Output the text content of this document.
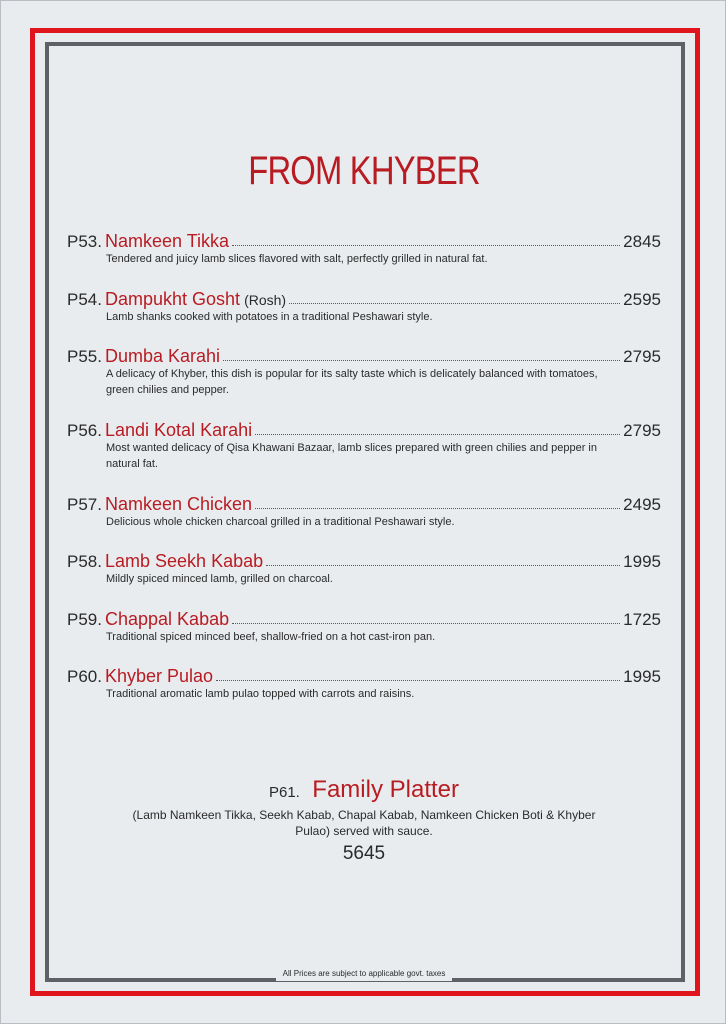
FROM KHYBER
P53. Namkeen Tikka	2845
Tendered and juicy lamb slices flavored with salt, perfectly grilled in natural fat.
P54. Dampukht Gosht (Rosh)	2595
Lamb shanks cooked with potatoes in a traditional Peshawari style.
P55. Dumba Karahi	2795
A delicacy of Khyber, this dish is popular for its salty taste which is delicately balanced with tomatoes, green chilies and pepper.
P56. Landi Kotal Karahi	2795
Most wanted delicacy of Qisa Khawani Bazaar, lamb slices prepared with green chilies and pepper in natural fat.
P57. Namkeen Chicken	2495
Delicious whole chicken charcoal grilled in a traditional Peshawari style.
P58. Lamb Seekh Kabab	1995
Mildly spiced minced lamb, grilled on charcoal.
P59. Chappal Kabab	1725
Traditional spiced minced beef, shallow-fried on a hot cast-iron pan.
P60. Khyber Pulao	1995
Traditional aromatic lamb pulao topped with carrots and raisins.
P61. Family Platter
(Lamb Namkeen Tikka, Seekh Kabab, Chapal Kabab, Namkeen Chicken Boti & Khyber Pulao) served with sauce.
5645
All Prices are subject to applicable govt. taxes
